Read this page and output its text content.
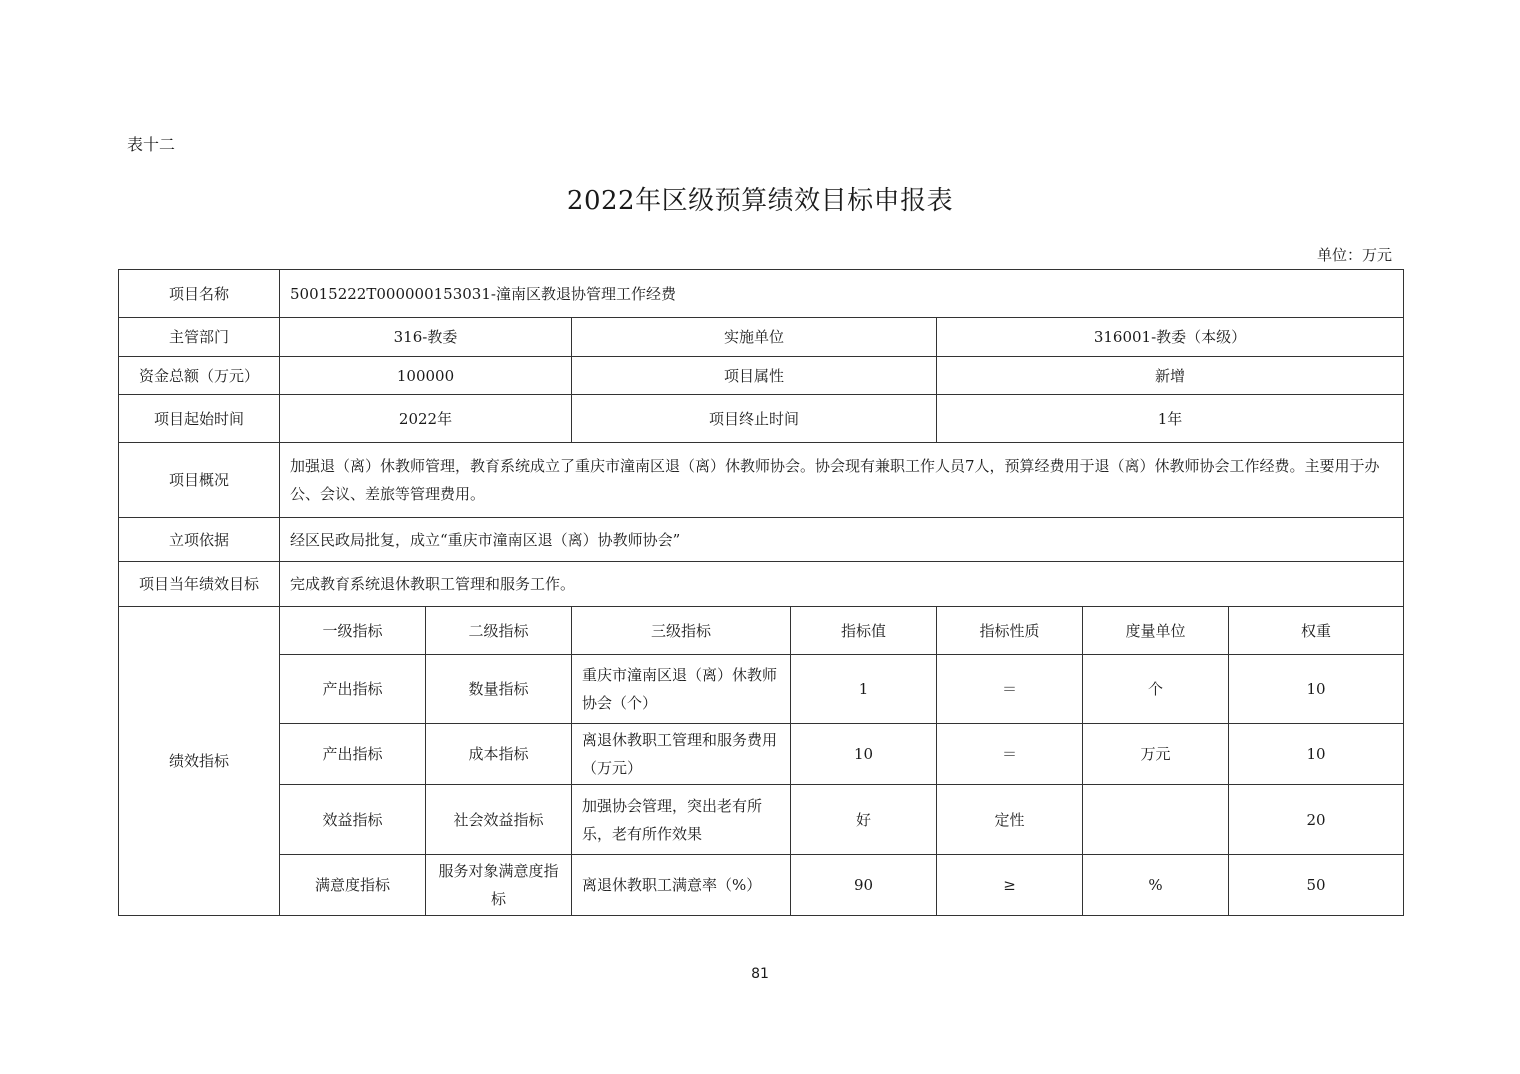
表十二
2022年区级预算绩效目标申报表
单位：万元
项目名称	50015222T000000153031-潼南区教退协管理工作经费						
主管部门	316-教委		实施单位		316001-教委（本级）		
资金总额（万元）	100000		项目属性		新增		
项目起始时间	2022年		项目终止时间		1年		
项目概况	加强退（离）休教师管理，教育系统成立了重庆市潼南区退（离）休教师协会。协会现有兼职工作人员7人，预算经费用于退（离）休教师协会工作经费。主要用于办公、会议、差旅等管理费用。						
立项依据	经区民政局批复，成立“重庆市潼南区退（离）协教师协会”						
项目当年绩效目标	完成教育系统退休教职工管理和服务工作。						
绩效指标	一级指标	二级指标	三级指标	指标值	指标性质	度量单位	权重
	产出指标	数量指标	重庆市潼南区退（离）休教师协会（个）	1	＝	个	10
	产出指标	成本指标	离退休教职工管理和服务费用（万元）	10	＝	万元	10
	效益指标	社会效益指标	加强协会管理，突出老有所乐，老有所作效果	好	定性		20
	满意度指标	服务对象满意度指标	离退休教职工满意率（%）	90	≥	%	50
81
